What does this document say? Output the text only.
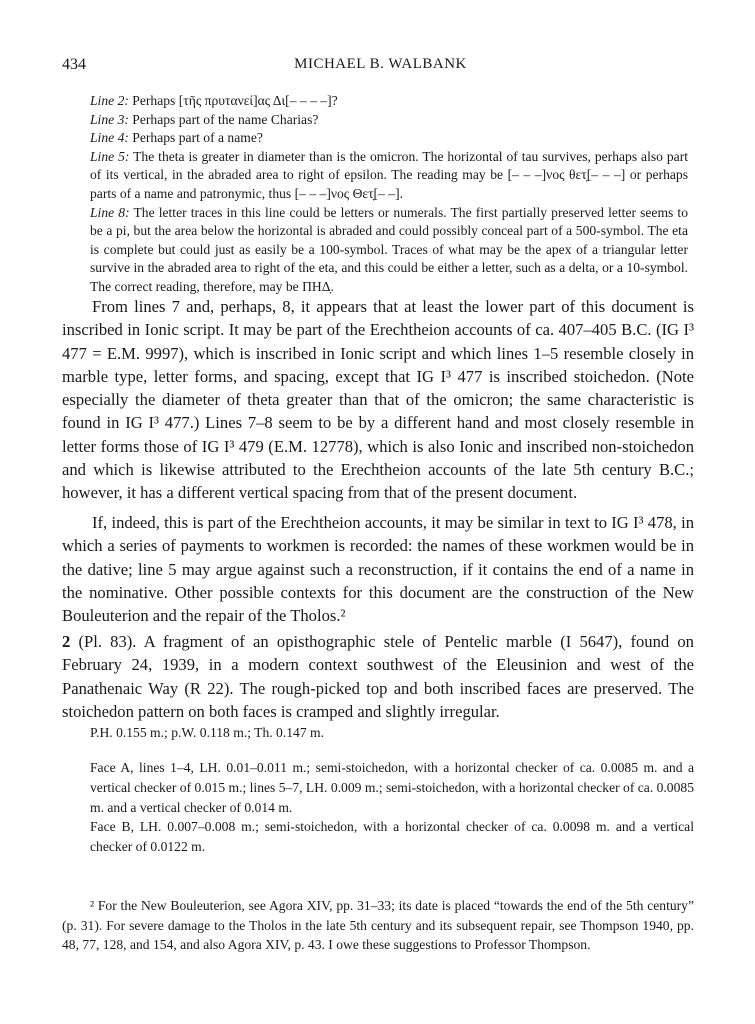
434	MICHAEL B. WALBANK

Line 2: Perhaps [τῆς πρυτανεί]ας Δι[– – – –]?

Line 3: Perhaps part of the name Charias?

Line 4: Perhaps part of a name?

Line 5: The theta is greater in diameter than is the omicron. The horizontal of tau survives, perhaps also part of its vertical, in the abraded area to right of epsilon. The reading may be [– – –]νος θετ̣[– – –] or perhaps parts of a name and patronymic, thus [– – –]νος Θετ̣[– –].

Line 8: The letter traces in this line could be letters or numerals. The first partially preserved letter seems to be a pi, but the area below the horizontal is abraded and could possibly conceal part of a 500-symbol. The eta is complete but could just as easily be a 100-symbol. Traces of what may be the apex of a triangular letter survive in the abraded area to right of the eta, and this could be either a letter, such as a delta, or a 10-symbol. The correct reading, therefore, may be ΠΗΔ̣.

From lines 7 and, perhaps, 8, it appears that at least the lower part of this document is inscribed in Ionic script. It may be part of the Erechtheion accounts of ca. 407–405 B.C. (IG I³ 477 = E.M. 9997), which is inscribed in Ionic script and which lines 1–5 resemble closely in marble type, letter forms, and spacing, except that IG I³ 477 is inscribed stoichedon. (Note especially the diameter of theta greater than that of the omicron; the same characteristic is found in IG I³ 477.) Lines 7–8 seem to be by a different hand and most closely resemble in letter forms those of IG I³ 479 (E.M. 12778), which is also Ionic and inscribed non-stoichedon and which is likewise attributed to the Erechtheion accounts of the late 5th century B.C.; however, it has a different vertical spacing from that of the present document.

If, indeed, this is part of the Erechtheion accounts, it may be similar in text to IG I³ 478, in which a series of payments to workmen is recorded: the names of these workmen would be in the dative; line 5 may argue against such a reconstruction, if it contains the end of a name in the nominative. Other possible contexts for this document are the construction of the New Bouleuterion and the repair of the Tholos.²

2 (Pl. 83). A fragment of an opisthographic stele of Pentelic marble (I 5647), found on February 24, 1939, in a modern context southwest of the Eleusinion and west of the Panathenaic Way (R 22). The rough-picked top and both inscribed faces are preserved. The stoichedon pattern on both faces is cramped and slightly irregular.

P.H. 0.155 m.; p.W. 0.118 m.; Th. 0.147 m.

Face A, lines 1–4, LH. 0.01–0.011 m.; semi-stoichedon, with a horizontal checker of ca. 0.0085 m. and a vertical checker of 0.015 m.; lines 5–7, LH. 0.009 m.; semi-stoichedon, with a horizontal checker of ca. 0.0085 m. and a vertical checker of 0.014 m.

Face B, LH. 0.007–0.008 m.; semi-stoichedon, with a horizontal checker of ca. 0.0098 m. and a vertical checker of 0.0122 m.

² For the New Bouleuterion, see Agora XIV, pp. 31–33; its date is placed “towards the end of the 5th century” (p. 31). For severe damage to the Tholos in the late 5th century and its subsequent repair, see Thompson 1940, pp. 48, 77, 128, and 154, and also Agora XIV, p. 43. I owe these suggestions to Professor Thompson.
